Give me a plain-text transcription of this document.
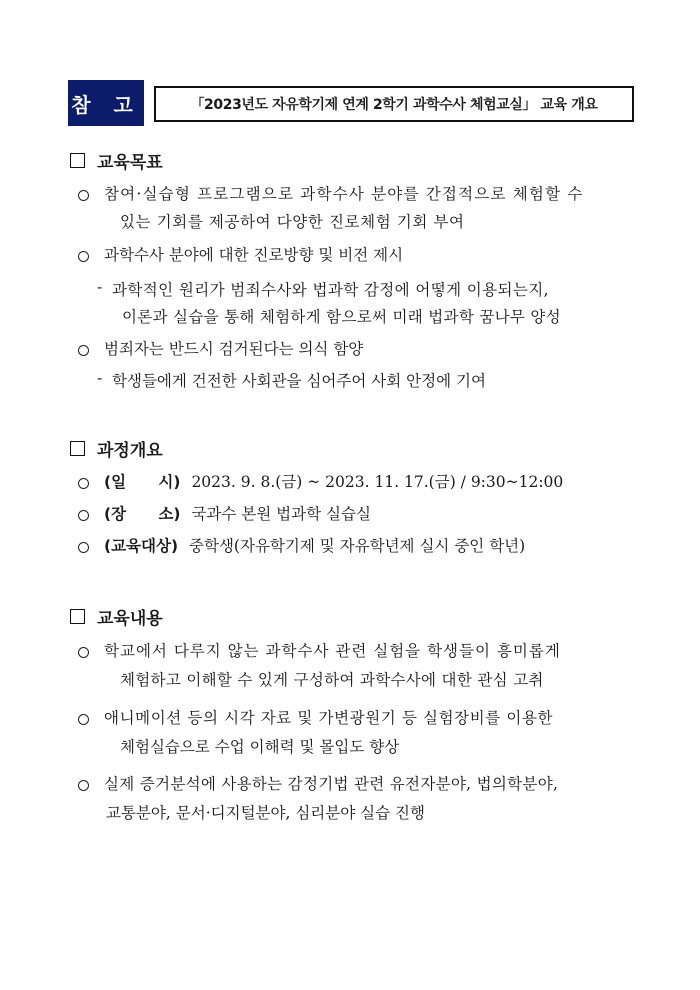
참 고	「2023년도 자유학기제 연계 2학기 과학수사 체험교실」 교육 개요
교육목표
참여·실습형 프로그램으로 과학수사 분야를 간접적으로 체험할 수
있는 기회를 제공하여 다양한 진로체험 기회 부여
과학수사 분야에 대한 진로방향 및 비전 제시
- 과학적인 원리가 범죄수사와 법과학 감정에 어떻게 이용되는지,
이론과 실습을 통해 체험하게 함으로써 미래 법과학 꿈나무 양성
범죄자는 반드시 검거된다는 의식 함양
- 학생들에게 건전한 사회관을 심어주어 사회 안정에 기여
과정개요
(일      시) 2023. 9. 8.(금) ~ 2023. 11. 17.(금) / 9:30~12:00
(장      소) 국과수 본원 법과학 실습실
(교육대상) 중학생(자유학기제 및 자유학년제 실시 중인 학년)
교육내용
학교에서 다루지 않는 과학수사 관련 실험을 학생들이 흥미롭게
체험하고 이해할 수 있게 구성하여 과학수사에 대한 관심 고취
애니메이션 등의 시각 자료 및 가변광원기 등 실험장비를 이용한
체험실습으로 수업 이해력 및 몰입도 향상
실제 증거분석에 사용하는 감정기법 관련 유전자분야, 법의학분야,
교통분야, 문서·디지털분야, 심리분야 실습 진행
